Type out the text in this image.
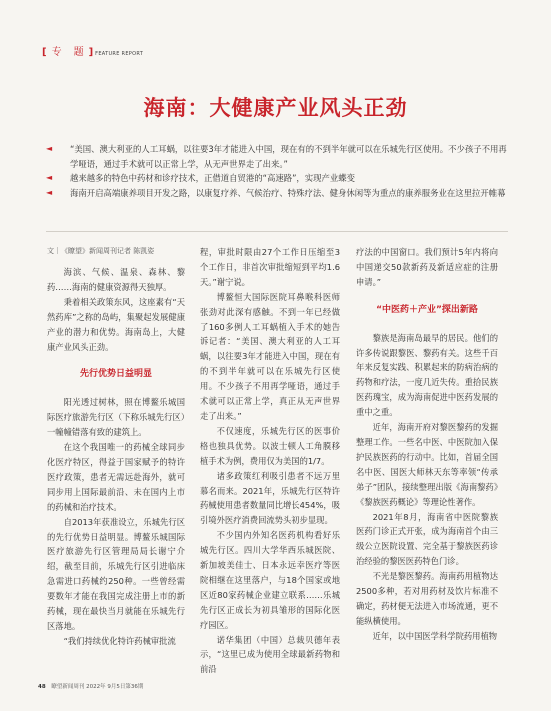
[ 专　题 ]FEATURE REPORT
海南：大健康产业风头正劲
◄ “美国、澳大利亚的人工耳蜗，以往要3年才能进入中国，现在有的不到半年就可以在乐城先行区使用。不少孩子不用再学哑语，通过手术就可以正常上学，从无声世界走了出来。”
◄ 越来越多的特色中药材和诊疗技术，正借道自贸港的“高速路”，实现产业蝶变
◄ 海南开启高端康养项目开发之路，以康复疗养、气候治疗、特殊疗法、健身休闲等为重点的康养服务业在这里拉开帷幕
文｜《瞭望》新闻周刊记者 陈凯姿

海滨、气候、温泉、森林、黎药……海南的健康资源得天独厚。

秉着相关政策东风，这座素有“天然药库”之称的岛屿，集聚起发展健康产业的潜力和优势。海南岛上，大健康产业风头正劲。

先行优势日益明显

阳光透过树林，照在博鳌乐城国际医疗旅游先行区（下称乐城先行区）一幢幢错落有致的建筑上。

在这个我国唯一的药械全球同步化医疗特区，得益于国家赋予的特许医疗政策，患者无需远赴海外，就可同步用上国际最前沿、未在国内上市的药械和治疗技术。

自2013年获准设立，乐城先行区的先行优势日益明显。博鳌乐城国际医疗旅游先行区管理局局长谢宁介绍，截至目前，乐城先行区引进临床急需进口药械约250种。一些曾经需要数年才能在我国完成注册上市的新药械，现在最快当月就能在乐城先行区落地。

“我们持续优化特许药械审批流

程，审批时限由27个工作日压缩至3个工作日，非首次审批缩短到平均1.6天。”谢宁说。

博鳌恒大国际医院耳鼻喉科医师张劲对此深有感触。不到一年已经做了160多例人工耳蜗植入手术的她告诉记者：“美国、澳大利亚的人工耳蜗，以往要3年才能进入中国，现在有的不到半年就可以在乐城先行区使用。不少孩子不用再学哑语，通过手术就可以正常上学，真正从无声世界走了出来。”

不仅速度，乐城先行区的医事价格也独具优势。以波士顿人工角膜移植手术为例，费用仅为美国的1/7。

诸多政策红利吸引患者不远万里慕名而来。2021年，乐城先行区特许药械使用患者数量同比增长454%，吸引境外医疗消费回流势头初步显现。

不少国内外知名医药机构看好乐城先行区。四川大学华西乐城医院、新加坡美佳士、日本永远幸医疗等医院相继在这里落户，与18个国家或地区近80家药械企业建立联系……乐城先行区正成长为初具雏形的国际化医疗园区。

诺华集团（中国）总裁贝德年表示，“这里已成为使用全球最新药物和前沿

疗法的中国窗口。我们预计5年内将向中国递交50款新药及新适应症的注册申请。”

“中医药＋产业”探出新路

黎族是海南岛最早的居民。他们的许多传说跟黎医、黎药有关。这些千百年来反复实践、积累起来的防病治病的药物和疗法，一度几近失传。重拾民族医药瑰宝，成为海南促进中医药发展的重中之重。

近年，海南开府对黎医黎药的发掘整理工作。一些名中医、中医院加入保护民族医药的行动中。比如，首届全国名中医、国医大师林天东等率领“传承弟子”团队，接续整理出版《海南黎药》《黎族医药概论》等理论性著作。

2021年8月，海南省中医院黎族医药门诊正式开张，成为海南首个由三级公立医院设置、完全基于黎族医药诊治经验的黎医医药特色门诊。

不光是黎医黎药。海南药用植物达2500多种，若对用药材及饮片标准不确定，药材便无法进入市场流通，更不能纵横使用。

近年，以中国医学科学院药用植物

48 瞭望新闻周刊 2022年 9月5日第36期
